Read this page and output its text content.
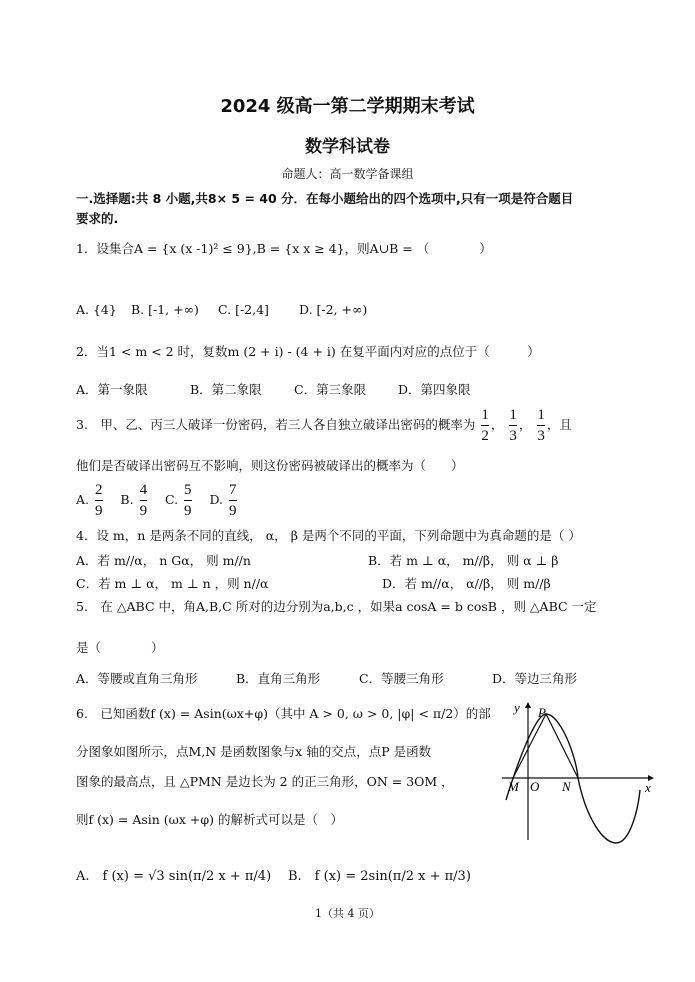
2024 级高一第二学期期末考试
数学科试卷
命题人：高一数学备课组
一.选择题:共 8 小题,共8× 5 = 40 分．在每小题给出的四个选项中,只有一项是符合题目
要求的.
1．设集合A = {x (x -1)² ≤ 9},B = {x x ≥ 4}，则A∪B = （　　　　）
A. {4} B. [-1, +∞) C. [-2,4] D. [-2, +∞)
2．当1 < m < 2 时，复数m (2 + i) - (4 + i) 在复平面内对应的点位于（　　　）
A．第一象限	B．第二象限	C．第三象限	D．第四象限
3.　甲、乙、丙三人破译一份密码，若三人各自独立破译出密码的概率为 $\frac{1}{2}$ ， $\frac{1}{3}$ ， $\frac{1}{3}$ ，且
他们是否破译出密码互不影响，则这份密码被破译出的概率为（　　）
A. $\frac{2}{9} B$. $\frac{4}{9} C$. $\frac{5}{9} D$. $\frac{7}{9}$
4．设 m，n 是两条不同的直线， α， β 是两个不同的平面，下列命题中为真命题的是（ ）
A．若 m//α， n Gα， 则 m//n	B．若 m ⊥ α， m//β， 则 α ⊥ β
C．若 m ⊥ α， m ⊥ n ，则 n//α	D．若 m//α， α//β， 则 m//β
5.　在 △ABC 中，角A,B,C 所对的边分别为a,b,c ，如果a cosA = b cosB ，则 △ABC 一定
是（　　　　）
A．等腰或直角三角形	B．直角三角形	C．等腰三角形	D．等边三角形
6.　已知函数f (x) = Asin(ωx+φ)（其中 A > 0, ω > 0, |φ| < π/2）的部
分图象如图所示，点M,N 是函数图象与x 轴的交点，点P 是函数
图象的最高点，且 △PMN 是边长为 2 的正三角形，ON = 3OM ，
则f (x) = Asin (ωx +φ) 的解析式可以是（　）
A.　f (x) = √3 sin(π/2 x + π/4) B.　f (x) = 2sin(π/2 x + π/3)
y P
M O N	x
1（共 4 页）
